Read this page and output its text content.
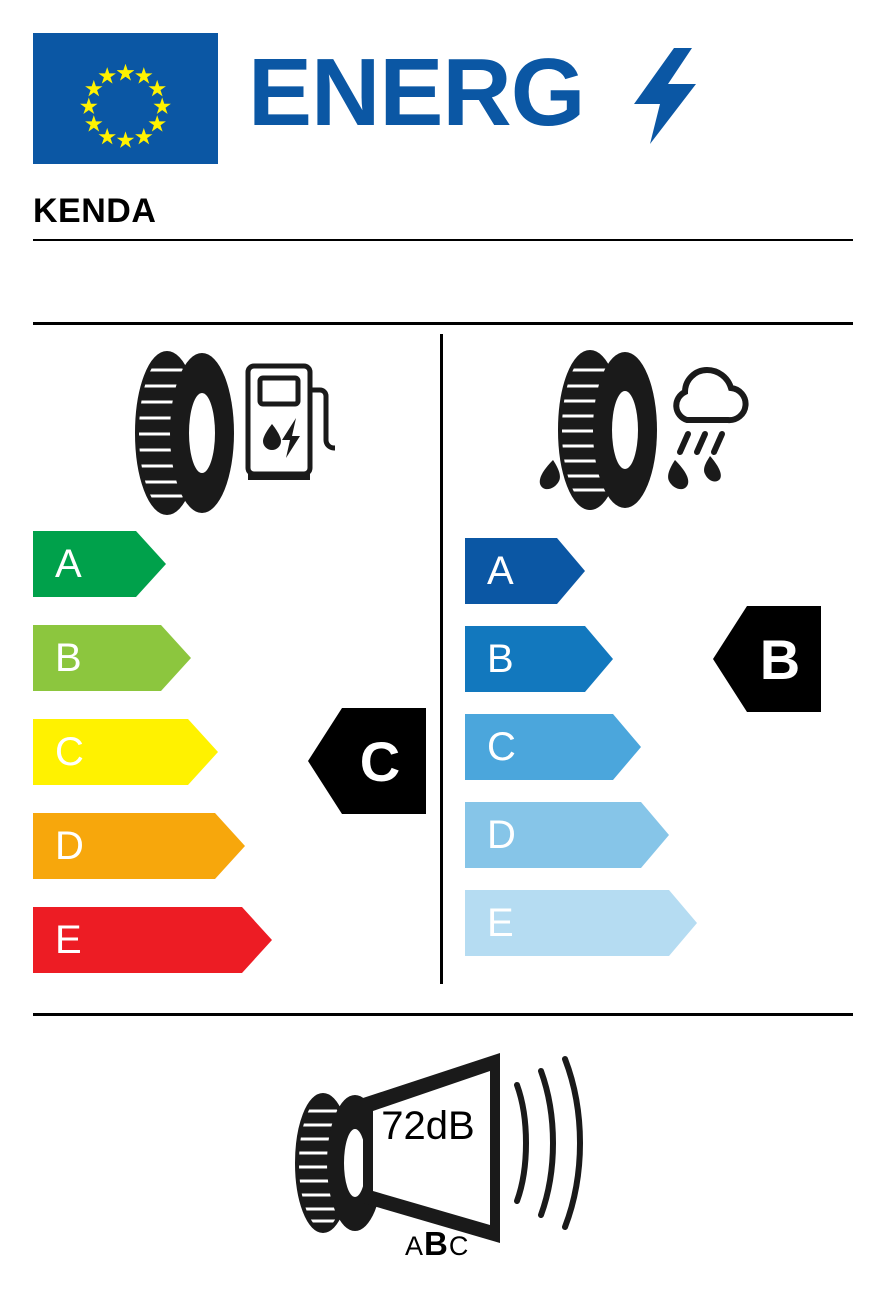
ENERG
KENDA
A
B
C
D
E
C
A
B
C
D
E
B
72dB
ABC
